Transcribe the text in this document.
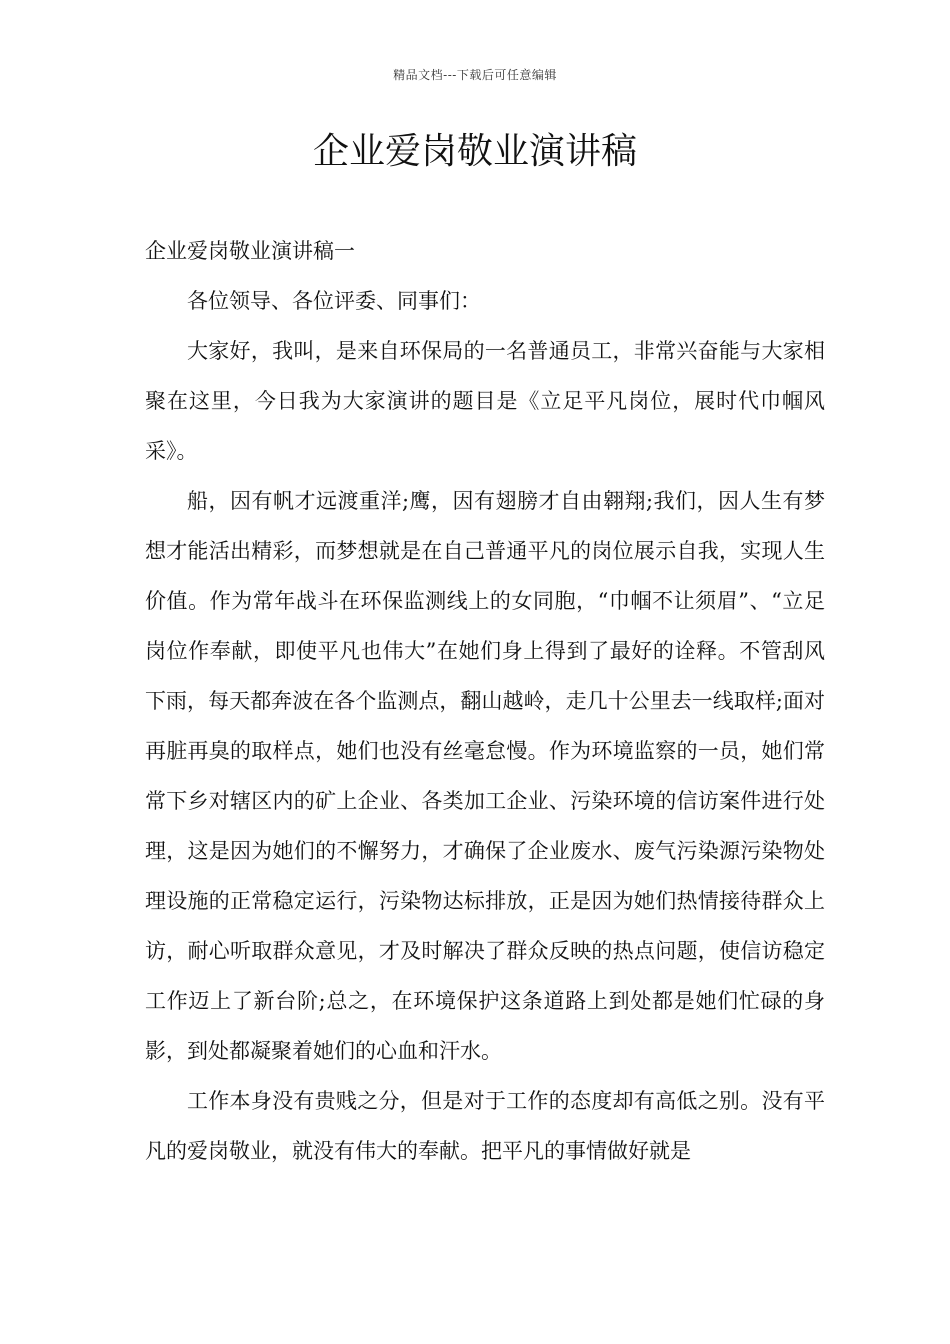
精品文档---下载后可任意编辑
企业爱岗敬业演讲稿

企业爱岗敬业演讲稿一

各位领导、各位评委、同事们：

大家好，我叫，是来自环保局的一名普通员工，非常兴奋能与大家相聚在这里，今日我为大家演讲的题目是《立足平凡岗位，展时代巾帼风采》。

船，因有帆才远渡重洋;鹰，因有翅膀才自由翱翔;我们，因人生有梦想才能活出精彩，而梦想就是在自己普通平凡的岗位展示自我，实现人生价值。作为常年战斗在环保监测线上的女同胞，“巾帼不让须眉”、“立足岗位作奉献，即使平凡也伟大”在她们身上得到了最好的诠释。不管刮风下雨，每天都奔波在各个监测点，翻山越岭，走几十公里去一线取样;面对再脏再臭的取样点，她们也没有丝毫怠慢。作为环境监察的一员，她们常常下乡对辖区内的矿上企业、各类加工企业、污染环境的信访案件进行处理，这是因为她们的不懈努力，才确保了企业废水、废气污染源污染物处理设施的正常稳定运行，污染物达标排放，正是因为她们热情接待群众上访，耐心听取群众意见，才及时解决了群众反映的热点问题，使信访稳定工作迈上了新台阶;总之，在环境保护这条道路上到处都是她们忙碌的身影，到处都凝聚着她们的心血和汗水。

工作本身没有贵贱之分，但是对于工作的态度却有高低之别。没有平凡的爱岗敬业，就没有伟大的奉献。把平凡的事情做好就是
